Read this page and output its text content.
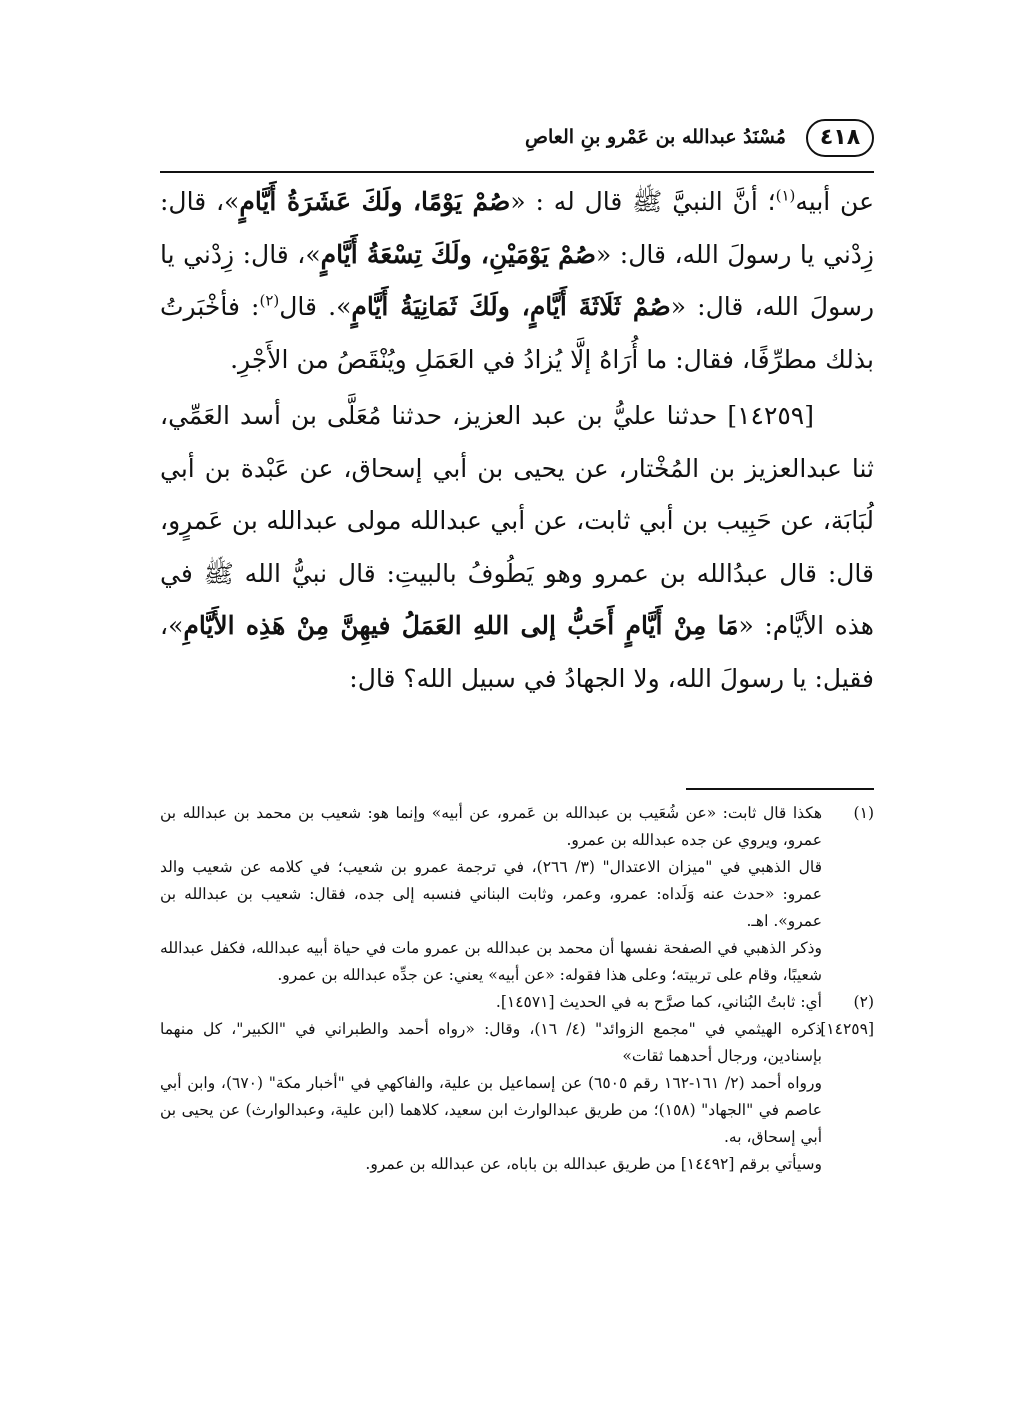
٤١٨
مُسْنَدُ عبدالله بن عَمْرو بنِ العاصِ

عن أبيه$^{(١)}$؛ أنَّ النبيَّ ﷺ قال له : «صُمْ يَوْمًا، ولَكَ عَشَرَةُ أَيَّامٍ»، قال: زِدْني يا رسولَ الله، قال: «صُمْ يَوْمَيْنِ، ولَكَ تِسْعَةُ أَيَّامٍ»، قال: زِدْني يا رسولَ الله، قال: «صُمْ ثَلَاثَةَ أَيَّامٍ، ولَكَ ثَمَانِيَةُ أَيَّامٍ». قال$^{(٢)}$: فأخْبَرتُ بذلك مطرِّفًا، فقال: ما أُرَاهُ إلَّا يُزادُ في العَمَلِ ويُنْقَصُ من الأَجْرِ.

[١٤٢٥٩] حدثنا عليُّ بن عبد العزيز، حدثنا مُعَلَّى بن أسد العَمِّي، ثنا عبدالعزيز بن المُخْتار، عن يحيى بن أبي إسحاق، عن عَبْدة بن أبي لُبَابَة، عن حَبِيب بن أبي ثابت، عن أبي عبدالله مولى عبدالله بن عَمرٍو، قال: قال عبدُالله بن عمرو وهو يَطُوفُ بالبيتِ: قال نبيُّ الله ﷺ في هذه الأيَّام: «مَا مِنْ أَيَّامٍ أَحَبُّ إلى اللهِ العَمَلُ فيهِنَّ مِنْ هَذِه الأَيَّامِ»، فقيل: يا رسولَ الله، ولا الجهادُ في سبيل الله؟ قال:

(١)
هكذا قال ثابت: «عن شُعَيب بن عبدالله بن عَمرو، عن أبيه» وإنما هو: شعيب بن محمد بن عبدالله بن عمرو، ويروي عن جده عبدالله بن عمرو.
قال الذهبي في "ميزان الاعتدال" (٣/ ٢٦٦)، في ترجمة عمرو بن شعيب؛ في كلامه عن شعيب والد عمرو: «حدث عنه وَلَداه: عمرو، وعمر، وثابت البناني فنسبه إلى جده، فقال: شعيب بن عبدالله بن عمرو». اهـ.
وذكر الذهبي في الصفحة نفسها أن محمد بن عبدالله بن عمرو مات في حياة أبيه عبدالله، فكفل عبدالله شعيبًا، وقام على تربيته؛ وعلى هذا فقوله: «عن أبيه» يعني: عن جدِّه عبدالله بن عمرو.
(٢)
أي: ثابتُ البُناني، كما صرَّح به في الحديث [١٤٥٧١].
[١٤٢٥٩]
ذكره الهيثمي في "مجمع الزوائد" (٤/ ١٦)، وقال: «رواه أحمد والطبراني في "الكبير"، كل منهما بإسنادين، ورجال أحدهما ثقات»
ورواه أحمد (٢/ ١٦١-١٦٢ رقم ٦٥٠٥) عن إسماعيل بن علية، والفاكهي في "أخبار مكة" (٦٧٠)، وابن أبي عاصم في "الجهاد" (١٥٨)؛ من طريق عبدالوارث ابن سعيد، كلاهما (ابن علية، وعبدالوارث) عن يحيى بن أبي إسحاق، به.
وسيأتي برقم [١٤٤٩٢] من طريق عبدالله بن باباه، عن عبدالله بن عمرو.
